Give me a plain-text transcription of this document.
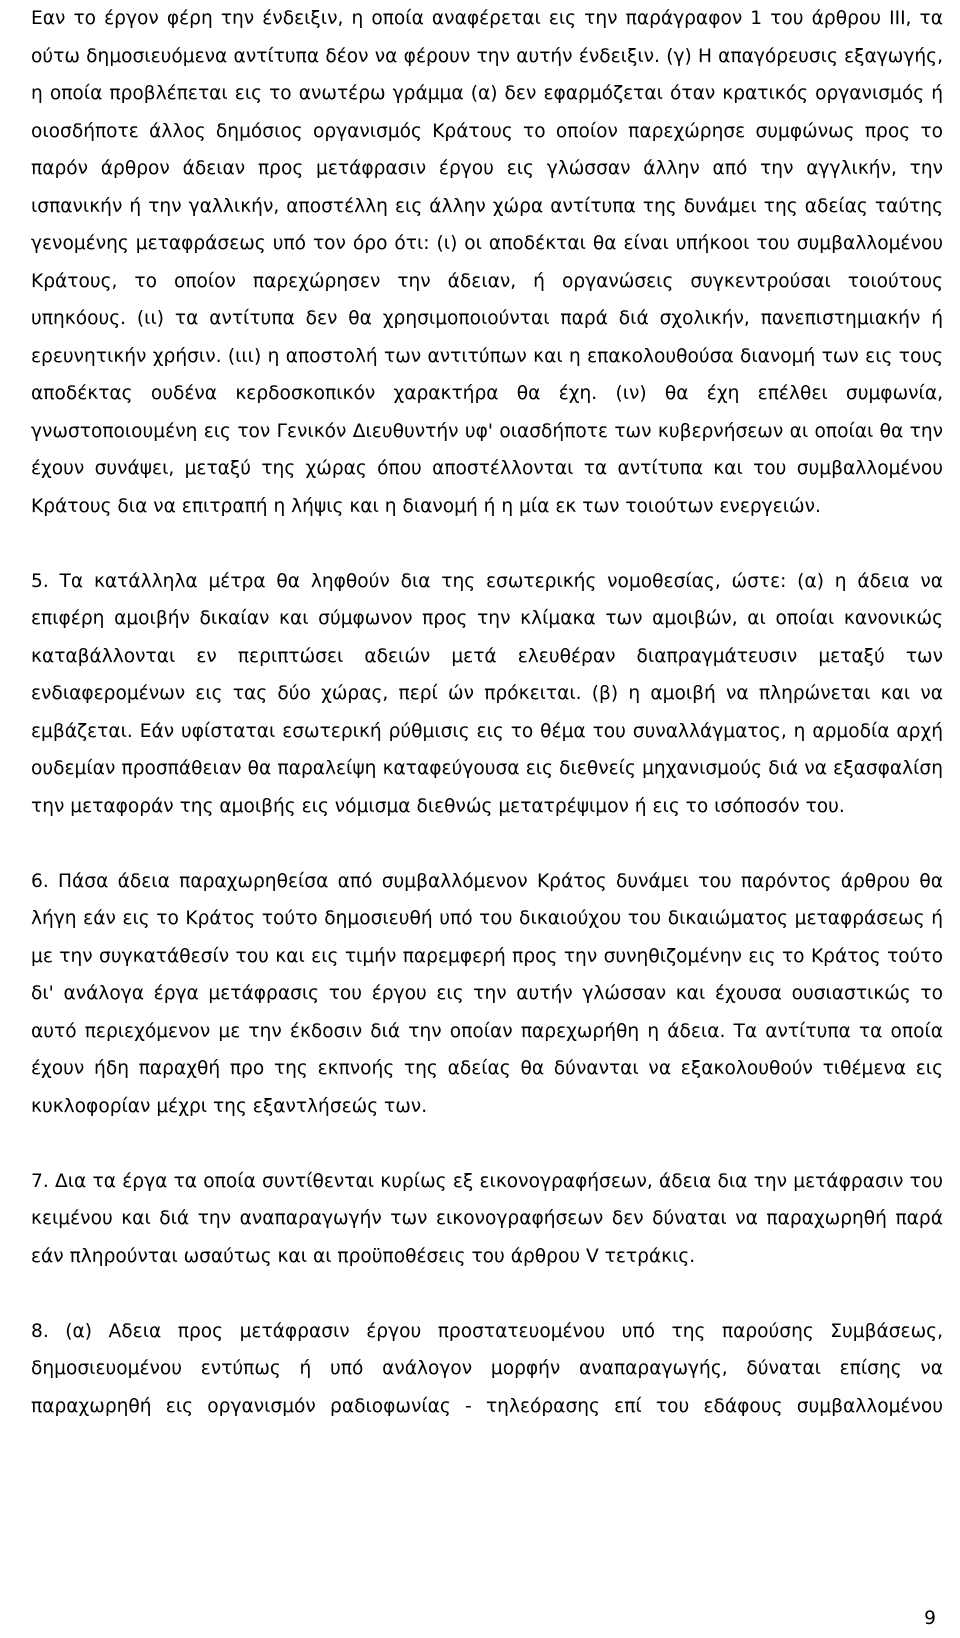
Εαν το έργον φέρη την ένδειξιν, η οποία αναφέρεται εις την παράγραφον 1 του άρθρου ΙΙΙ, τα ούτω δημοσιευόμενα αντίτυπα δέον να φέρουν την αυτήν ένδειξιν. (γ) Η απαγόρευσις εξαγωγής, η οποία προβλέπεται εις το ανωτέρω γράμμα (α) δεν εφαρμόζεται όταν κρατικός οργανισμός ή οιοσδήποτε άλλος δημόσιος οργανισμός Κράτους το οποίον παρεχώρησε συμφώνως προς το παρόν άρθρον άδειαν προς μετάφρασιν έργου εις γλώσσαν άλλην από την αγγλικήν, την ισπανικήν ή την γαλλικήν, αποστέλλη εις άλλην χώρα αντίτυπα της δυνάμει της αδείας ταύτης γενομένης μεταφράσεως υπό τον όρο ότι: (ι) οι αποδέκται θα είναι υπήκοοι του συμβαλλομένου Κράτους, το οποίον παρεχώρησεν την άδειαν, ή οργανώσεις συγκεντρούσαι τοιούτους υπηκόους. (ιι) τα αντίτυπα δεν θα χρησιμοποιούνται παρά διά σχολικήν, πανεπιστημιακήν ή ερευνητικήν χρήσιν. (ιιι) η αποστολή των αντιτύπων και η επακολουθούσα διανομή των εις τους αποδέκτας ουδένα κερδοσκοπικόν χαρακτήρα θα έχη. (ιν) θα έχη επέλθει συμφωνία, γνωστοποιουμένη εις τον Γενικόν Διευθυντήν υφ' οιασδήποτε των κυβερνήσεων αι οποίαι θα την έχουν συνάψει, μεταξύ της χώρας όπου αποστέλλονται τα αντίτυπα και του συμβαλλομένου Κράτους δια να επιτραπή η λήψις και η διανομή ή η μία εκ των τοιούτων ενεργειών.

5. Τα κατάλληλα μέτρα θα ληφθούν δια της εσωτερικής νομοθεσίας, ώστε: (α) η άδεια να επιφέρη αμοιβήν δικαίαν και σύμφωνον προς την κλίμακα των αμοιβών, αι οποίαι κανονικώς καταβάλλονται εν περιπτώσει αδειών μετά ελευθέραν διαπραγμάτευσιν μεταξύ των ενδιαφερομένων εις τας δύο χώρας, περί ών πρόκειται. (β) η αμοιβή να πληρώνεται και να εμβάζεται. Εάν υφίσταται εσωτερική ρύθμισις εις το θέμα του συναλλάγματος, η αρμοδία αρχή ουδεμίαν προσπάθειαν θα παραλείψη καταφεύγουσα εις διεθνείς μηχανισμούς διά να εξασφαλίση την μεταφοράν της αμοιβής εις νόμισμα διεθνώς μετατρέψιμον ή εις το ισόποσόν του.

6. Πάσα άδεια παραχωρηθείσα από συμβαλλόμενον Κράτος δυνάμει του παρόντος άρθρου θα λήγη εάν εις το Κράτος τούτο δημοσιευθή υπό του δικαιούχου του δικαιώματος μεταφράσεως ή με την συγκατάθεσίν του και εις τιμήν παρεμφερή προς την συνηθιζομένην εις το Κράτος τούτο δι' ανάλογα έργα μετάφρασις του έργου εις την αυτήν γλώσσαν και έχουσα ουσιαστικώς το αυτό περιεχόμενον με την έκδοσιν διά την οποίαν παρεχωρήθη η άδεια. Τα αντίτυπα τα οποία έχουν ήδη παραχθή προ της εκπνοής της αδείας θα δύνανται να εξακολουθούν τιθέμενα εις κυκλοφορίαν μέχρι της εξαντλήσεώς των.

7. Δια τα έργα τα οποία συντίθενται κυρίως εξ εικονογραφήσεων, άδεια δια την μετάφρασιν του κειμένου και διά την αναπαραγωγήν των εικονογραφήσεων δεν δύναται να παραχωρηθή παρά εάν πληρούνται ωσαύτως και αι προϋποθέσεις του άρθρου V τετράκις.

8. (α) Αδεια προς μετάφρασιν έργου προστατευομένου υπό της παρούσης Συμβάσεως, δημοσιευομένου εντύπως ή υπό ανάλογον μορφήν αναπαραγωγής, δύναται επίσης να παραχωρηθή εις οργανισμόν ραδιοφωνίας - τηλεόρασης επί του εδάφους συμβαλλομένου

9
